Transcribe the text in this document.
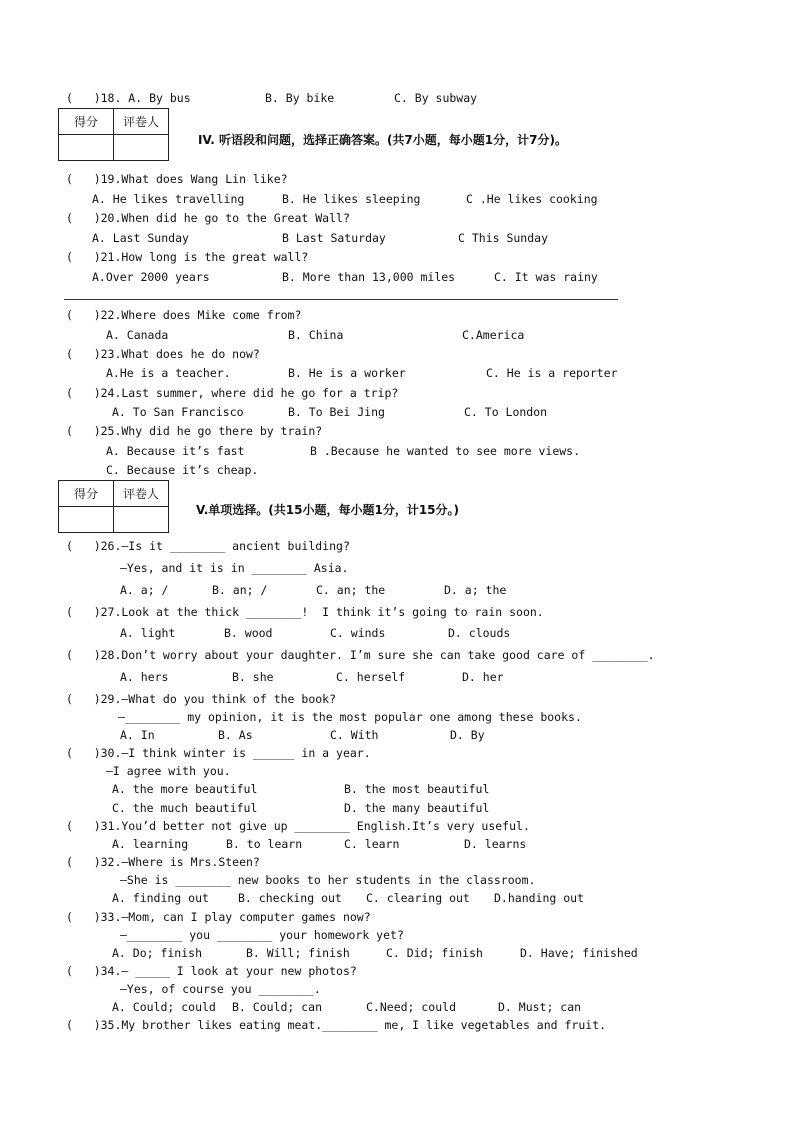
(   )18. A. By bus	B. By bike	C. By subway
得分	评卷人

IV. 听语段和问题，选择正确答案。(共7小题，每小题1分，计7分)。
(   )19.What does Wang Lin like?
A. He likes travelling	B. He likes sleeping	C .He likes cooking
(   )20.When did he go to the Great Wall?
A. Last Sunday	B Last Saturday	C This Sunday
(   )21.How long is the great wall?
A.Over 2000 years	B. More than 13,000 miles	C. It was rainy
(   )22.Where does Mike come from?
A. Canada	B. China	C.America
(   )23.What does he do now?
A.He is a teacher.	B. He is a worker	C. He is a reporter
(   )24.Last summer, where did he go for a trip?
A. To San Francisco	B. To Bei Jing	C. To London
(   )25.Why did he go there by train?
A. Because it’s fast	B .Because he wanted to see more views.
C. Because it’s cheap.
得分	评卷人

V.单项选择。(共15小题，每小题1分，计15分。)
(   )26.—Is it ________ ancient building?
—Yes, and it is in ________ Asia.
A. a; /	B. an; /	C. an; the	D. a; the
(   )27.Look at the thick ________!  I think it’s going to rain soon.
A. light	B. wood	C. winds	D. clouds
(   )28.Don’t worry about your daughter. I’m sure she can take good care of ________.
A. hers	B. she	C. herself	D. her
(   )29.—What do you think of the book?
—________ my opinion, it is the most popular one among these books.
A. In	B. As	C. With	D. By
(   )30.—I think winter is ______ in a year.
—I agree with you.
A. the more beautiful	B. the most beautiful
C. the much beautiful	D. the many beautiful
(   )31.You’d better not give up ________ English.It’s very useful.
A. learning	B. to learn	C. learn	D. learns
(   )32.—Where is Mrs.Steen?
—She is ________ new books to her students in the classroom.
A. finding out	B. checking out C. clearing out D.handing out
(   )33.—Mom, can I play computer games now?
—________ you ________ your homework yet?
A. Do; finish	B. Will; finish	C. Did; finish	D. Have; finished
(   )34.— _____ I look at your new photos?
—Yes, of course you ________.
A. Could; could B. Could; can	C.Need; could	D. Must; can
(   )35.My brother likes eating meat.________ me, I like vegetables and fruit.
